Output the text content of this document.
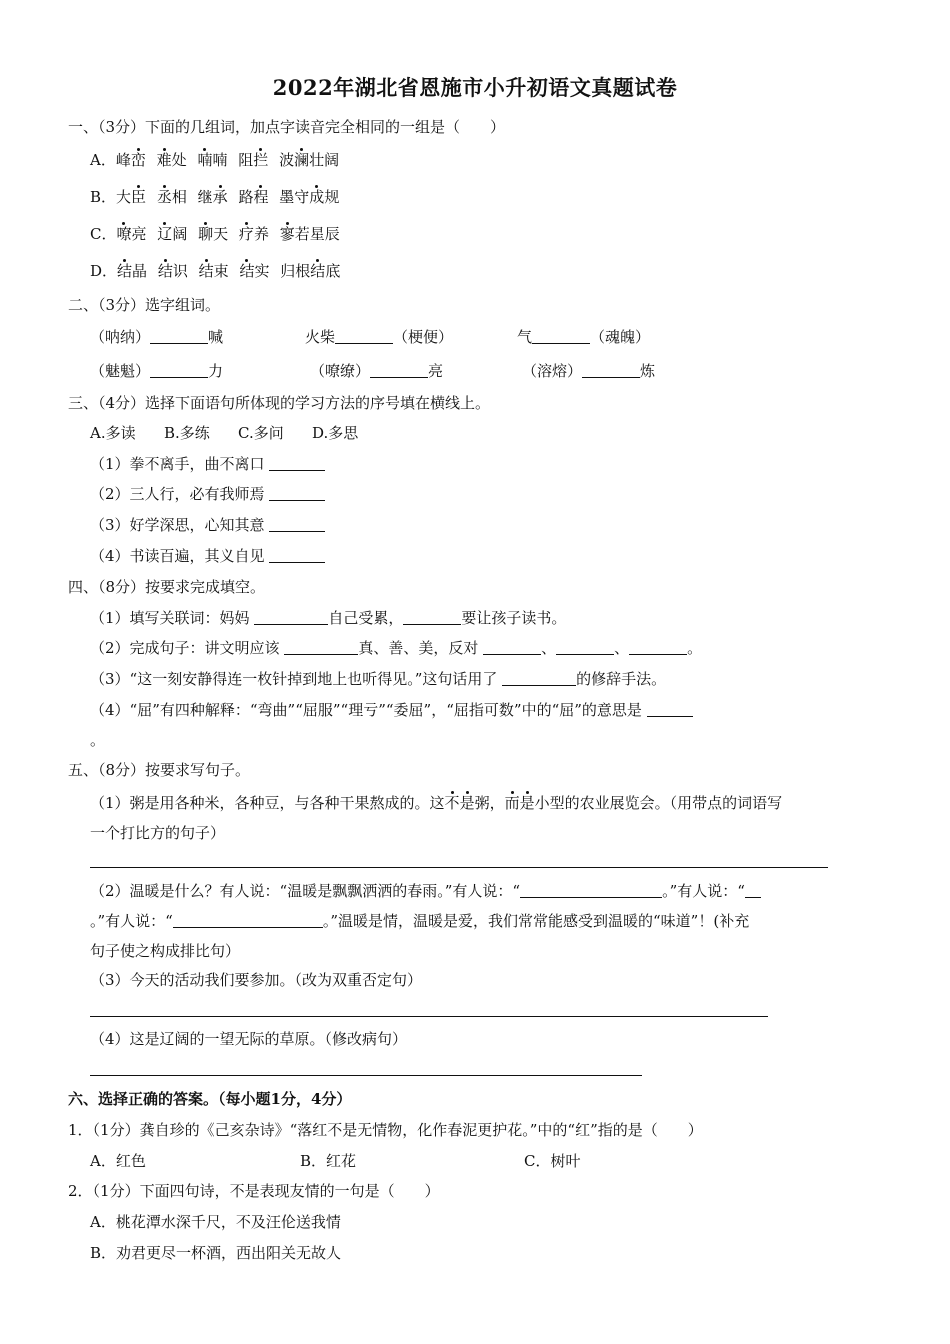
2022年湖北省恩施市小升初语文真题试卷
一、（3分）下面的几组词，加点字读音完全相同的一组是（　　）
A．峰峦 难处 喃喃 阻拦 波澜壮阔
B．大臣 丞相 继承 路程 墨守成规
C．嘹亮 辽阔 聊天 疗养 寥若星辰
D．结晶 结识 结束 结实 归根结底
二、（3分）选字组词。
（呐纳）	喊	火柴	（梗便）	气	（魂魄）
（魅魁）	力	（嘹缭）	亮	（溶熔）	炼
三、（4分）选择下面语句所体现的学习方法的序号填在横线上。
A.多读 B.多练 C.多问 D.多思
（1）拳不离手，曲不离口
（2）三人行，必有我师焉
（3）好学深思，心知其意
（4）书读百遍，其义自见
四、（8分）按要求完成填空。
（1）填写关联词：妈妈	自己受累，	要让孩子读书。
（2）完成句子：讲文明应该	真、善、美，反对	、	、	。
（3）“这一刻安静得连一枚针掉到地上也听得见。”这句话用了	的修辞手法。
（4）“屈”有四种解释：“弯曲”“屈服”“理亏”“委屈”，“屈指可数”中的“屈”的意思是
。
五、（8分）按要求写句子。
（1）粥是用各种米，各种豆，与各种干果熬成的。这不是粥，而是小型的农业展览会。（用带点的词语写
一个打比方的句子）
（2）温暖是什么？有人说：“温暖是飘飘洒洒的春雨。”有人说：“	。”有人说：“
。”有人说：“	。”温暖是情，温暖是爱，我们常常能感受到温暖的“味道”！(补充
句子使之构成排比句）
（3）今天的活动我们要参加。（改为双重否定句）
（4）这是辽阔的一望无际的草原。（修改病句）
六、选择正确的答案。（每小题1分，4分）
1．（1分）龚自珍的《己亥杂诗》“落红不是无情物，化作春泥更护花。”中的“红”指的是（　　）
A．红色	B．红花	C．树叶
2．（1分）下面四句诗，不是表现友情的一句是（　　）
A．桃花潭水深千尺，不及汪伦送我情
B．劝君更尽一杯酒，西出阳关无故人
